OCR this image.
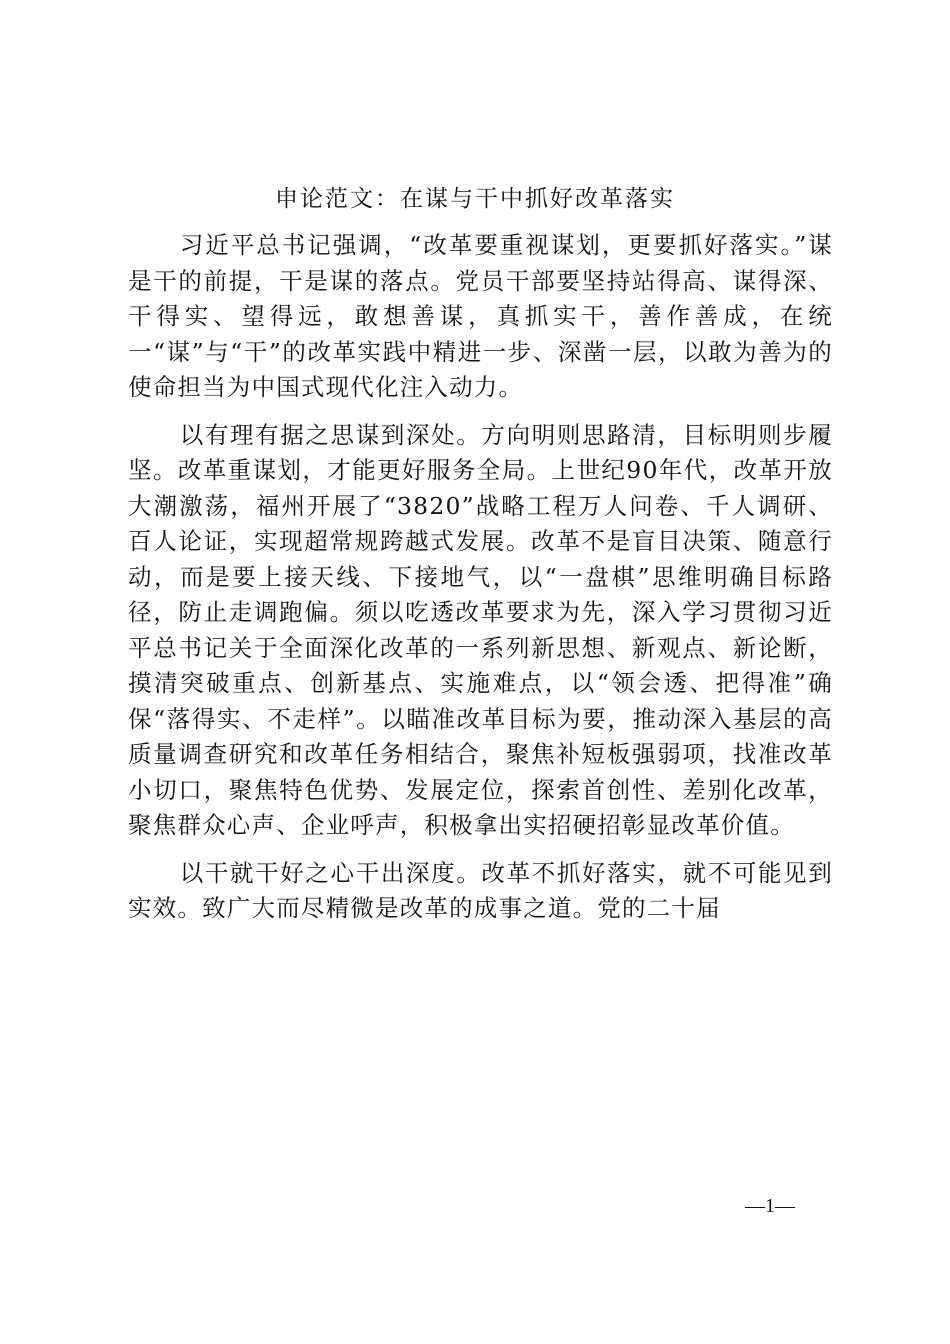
申论范文：在谋与干中抓好改革落实

习近平总书记强调，“改革要重视谋划，更要抓好落实。”谋是干的前提，干是谋的落点。党员干部要坚持站得高、谋得深、干得实、望得远，敢想善谋，真抓实干，善作善成，在统一“谋”与“干”的改革实践中精进一步、深凿一层，以敢为善为的使命担当为中国式现代化注入动力。

以有理有据之思谋到深处。方向明则思路清，目标明则步履坚。改革重谋划，才能更好服务全局。上世纪90年代，改革开放大潮激荡，福州开展了“3820”战略工程万人问卷、千人调研、百人论证，实现超常规跨越式发展。改革不是盲目决策、随意行动，而是要上接天线、下接地气，以“一盘棋”思维明确目标路径，防止走调跑偏。须以吃透改革要求为先，深入学习贯彻习近平总书记关于全面深化改革的一系列新思想、新观点、新论断，摸清突破重点、创新基点、实施难点，以“领会透、把得准”确保“落得实、不走样”。以瞄准改革目标为要，推动深入基层的高质量调查研究和改革任务相结合，聚焦补短板强弱项，找准改革小切口，聚焦特色优势、发展定位，探索首创性、差别化改革，聚焦群众心声、企业呼声，积极拿出实招硬招彰显改革价值。

以干就干好之心干出深度。改革不抓好落实，就不可能见到实效。致广大而尽精微是改革的成事之道。党的二十届

—1—
